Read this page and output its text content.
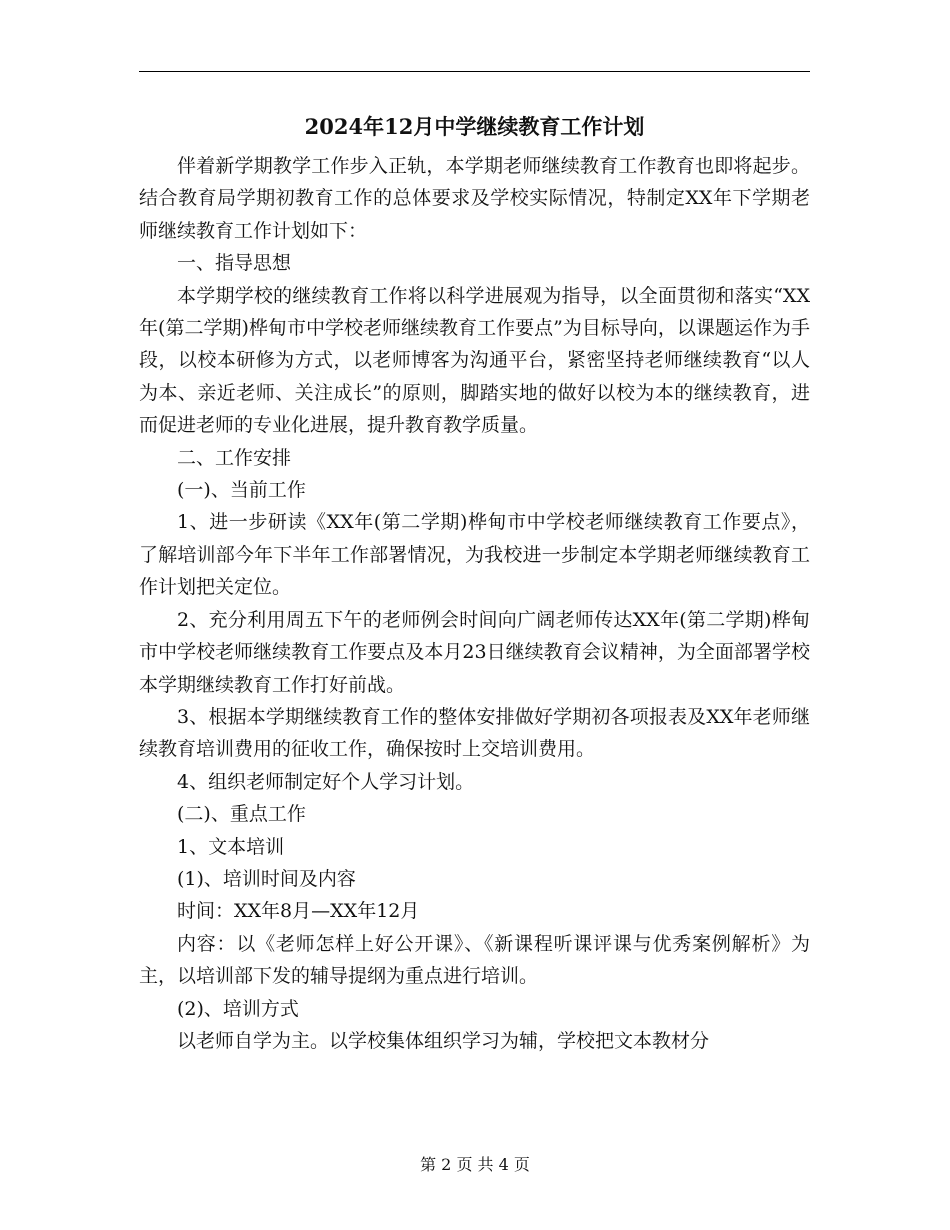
2024年12月中学继续教育工作计划

伴着新学期教学工作步入正轨，本学期老师继续教育工作教育也即将起步。结合教育局学期初教育工作的总体要求及学校实际情况，特制定XX年下学期老师继续教育工作计划如下：

一、指导思想

本学期学校的继续教育工作将以科学进展观为指导，以全面贯彻和落实“XX年(第二学期)桦甸市中学校老师继续教育工作要点”为目标导向，以课题运作为手段，以校本研修为方式，以老师博客为沟通平台，紧密坚持老师继续教育“以人为本、亲近老师、关注成长”的原则，脚踏实地的做好以校为本的继续教育，进而促进老师的专业化进展，提升教育教学质量。

二、工作安排

(一)、当前工作

1、进一步研读《XX年(第二学期)桦甸市中学校老师继续教育工作要点》，了解培训部今年下半年工作部署情况，为我校进一步制定本学期老师继续教育工作计划把关定位。

2、充分利用周五下午的老师例会时间向广阔老师传达XX年(第二学期)桦甸市中学校老师继续教育工作要点及本月23日继续教育会议精神，为全面部署学校本学期继续教育工作打好前战。

3、根据本学期继续教育工作的整体安排做好学期初各项报表及XX年老师继续教育培训费用的征收工作，确保按时上交培训费用。

4、组织老师制定好个人学习计划。

(二)、重点工作

1、文本培训

(1)、培训时间及内容

时间：XX年8月—XX年12月

内容：以《老师怎样上好公开课》、《新课程听课评课与优秀案例解析》为主，以培训部下发的辅导提纲为重点进行培训。

(2)、培训方式

以老师自学为主。以学校集体组织学习为辅，学校把文本教材分

第 2 页 共 4 页
